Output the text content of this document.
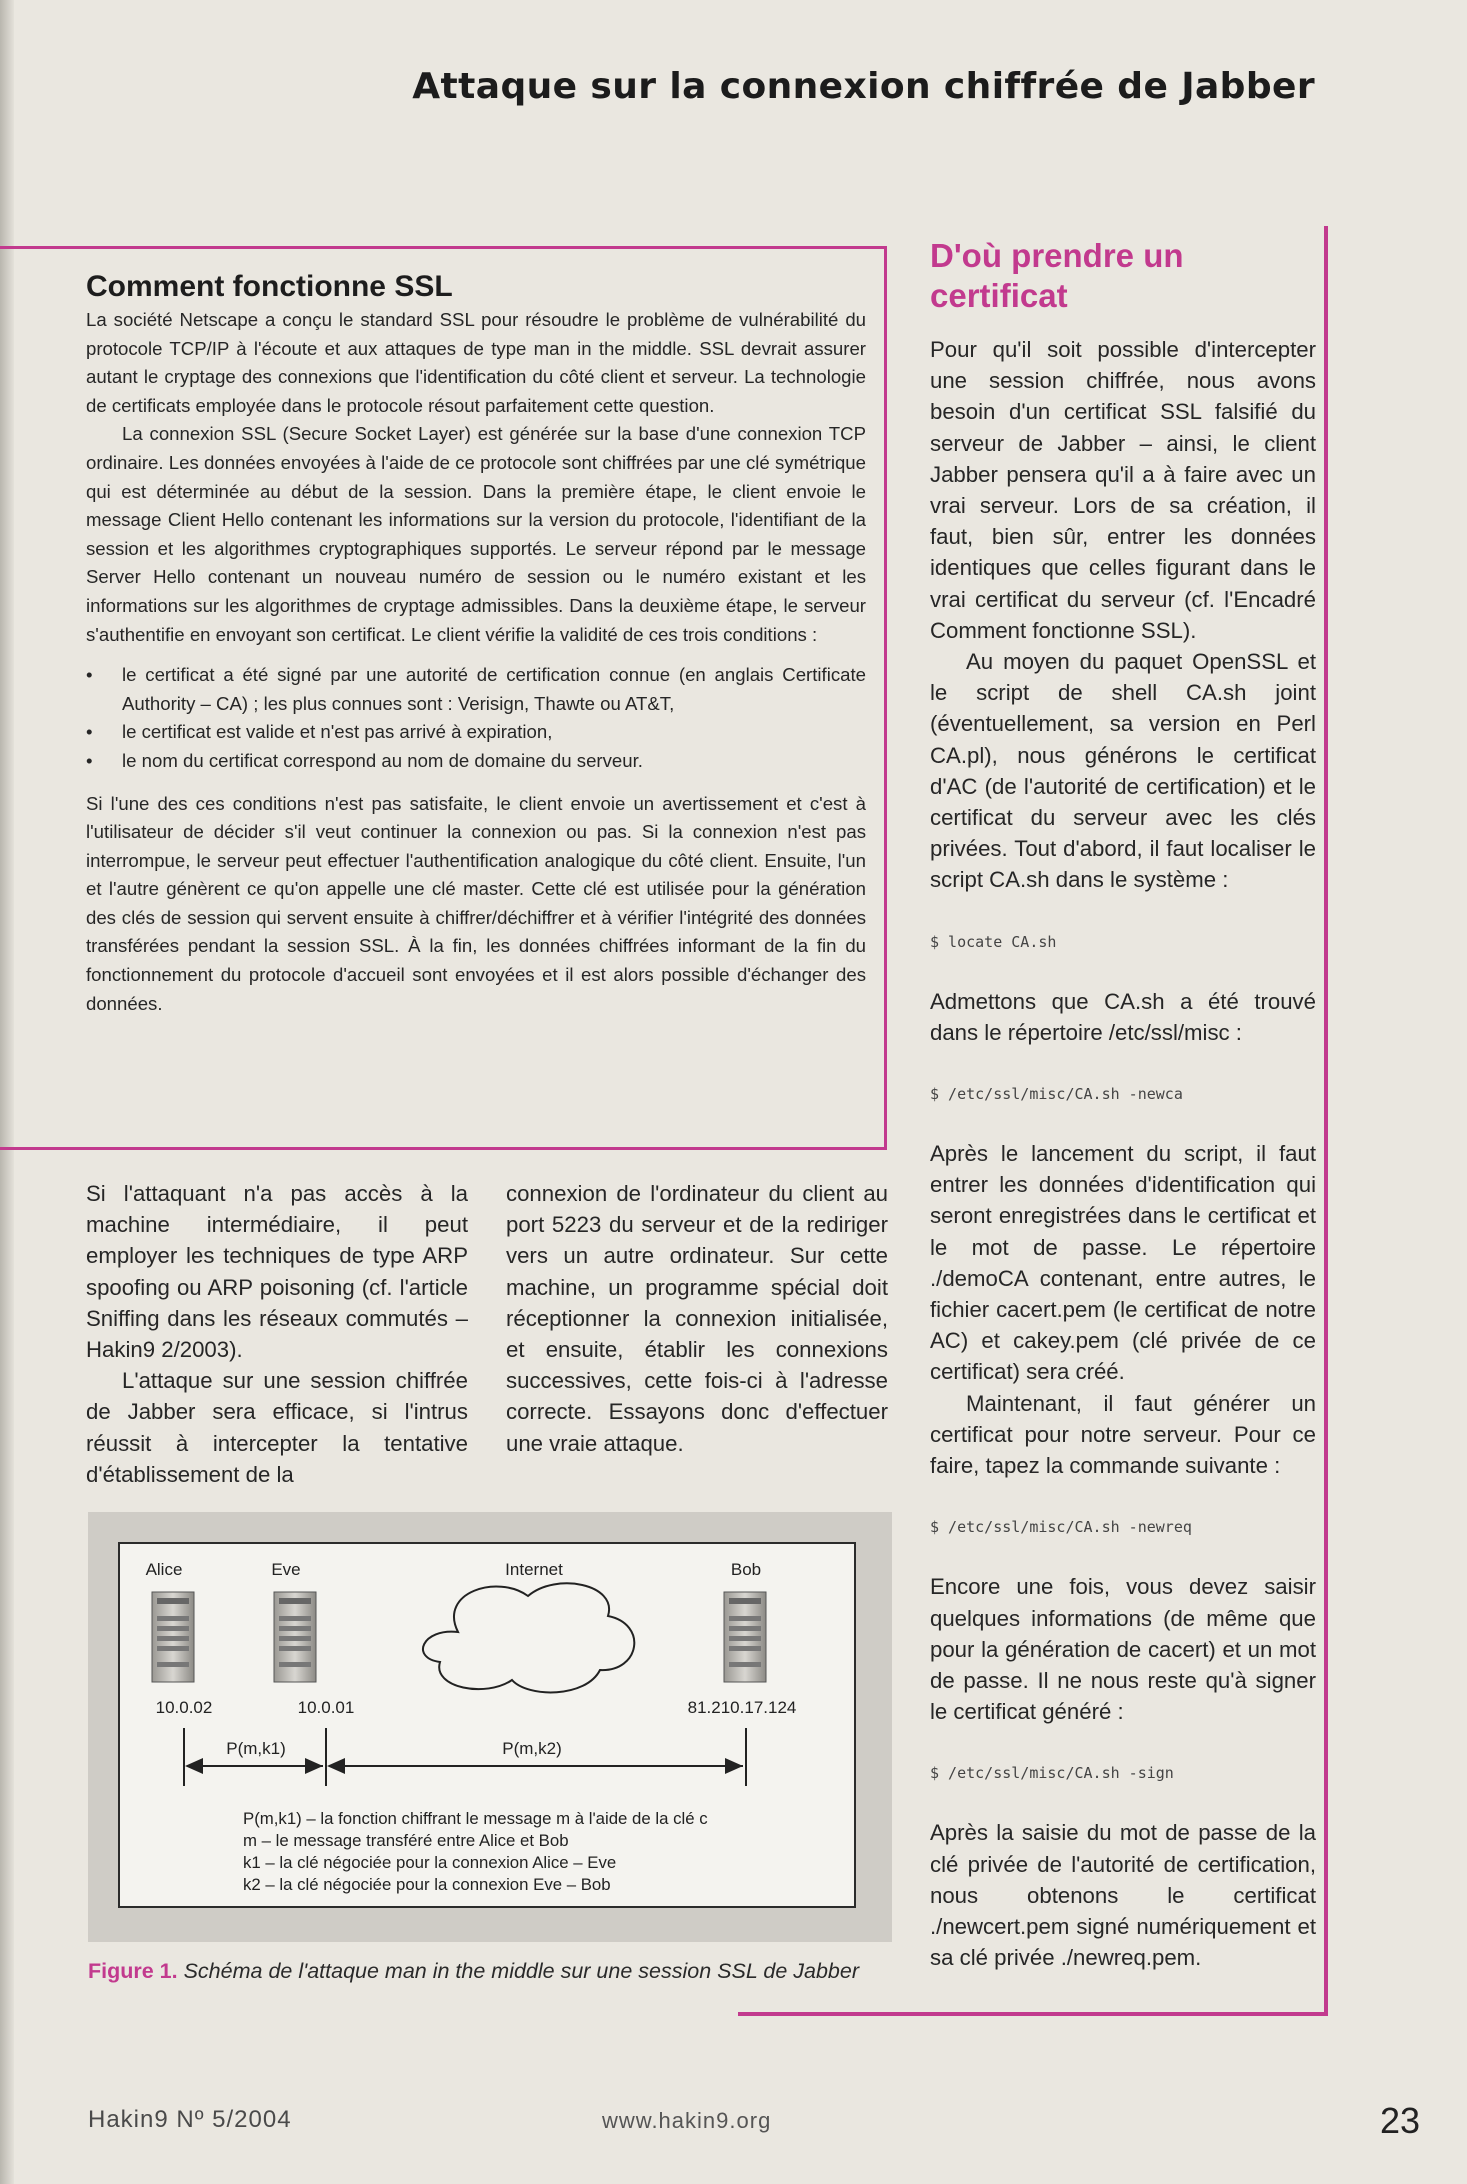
Attaque sur la connexion chiffrée de Jabber
Comment fonctionne SSL

La société Netscape a conçu le standard SSL pour résoudre le problème de vulnérabilité du protocole TCP/IP à l'écoute et aux attaques de type man in the middle. SSL devrait assurer autant le cryptage des connexions que l'identification du côté client et serveur. La technologie de certificats employée dans le protocole résout parfaitement cette question.

La connexion SSL (Secure Socket Layer) est générée sur la base d'une connexion TCP ordinaire. Les données envoyées à l'aide de ce protocole sont chiffrées par une clé symétrique qui est déterminée au début de la session. Dans la première étape, le client envoie le message Client Hello contenant les informations sur la version du protocole, l'identifiant de la session et les algorithmes cryptographiques supportés. Le serveur répond par le message Server Hello contenant un nouveau numéro de session ou le numéro existant et les informations sur les algorithmes de cryptage admissibles. Dans la deuxième étape, le serveur s'authentifie en envoyant son certificat. Le client vérifie la validité de ces trois conditions :

• le certificat a été signé par une autorité de certification connue (en anglais Certificate Authority – CA) ; les plus connues sont : Verisign, Thawte ou AT&T,
• le certificat est valide et n'est pas arrivé à expiration,
• le nom du certificat correspond au nom de domaine du serveur.

Si l'une des ces conditions n'est pas satisfaite, le client envoie un avertissement et c'est à l'utilisateur de décider s'il veut continuer la connexion ou pas. Si la connexion n'est pas interrompue, le serveur peut effectuer l'authentification analogique du côté client. Ensuite, l'un et l'autre génèrent ce qu'on appelle une clé master. Cette clé est utilisée pour la génération des clés de session qui servent ensuite à chiffrer/déchiffrer et à vérifier l'intégrité des données transférées pendant la session SSL. À la fin, les données chiffrées informant de la fin du fonctionnement du protocole d'accueil sont envoyées et il est alors possible d'échanger des données.

D'où prendre un certificat

Pour qu'il soit possible d'intercepter une session chiffrée, nous avons besoin d'un certificat SSL falsifié du serveur de Jabber – ainsi, le client Jabber pensera qu'il a à faire avec un vrai serveur. Lors de sa création, il faut, bien sûr, entrer les données identiques que celles figurant dans le vrai certificat du serveur (cf. l'Encadré Comment fonctionne SSL).

Au moyen du paquet OpenSSL et le script de shell CA.sh joint (éventuellement, sa version en Perl CA.pl), nous générons le certificat d'AC (de l'autorité de certification) et le certificat du serveur avec les clés privées. Tout d'abord, il faut localiser le script CA.sh dans le système :

$ locate CA.sh

Admettons que CA.sh a été trouvé dans le répertoire /etc/ssl/misc :

$ /etc/ssl/misc/CA.sh -newca

Après le lancement du script, il faut entrer les données d'identification qui seront enregistrées dans le certificat et le mot de passe. Le répertoire ./demoCA contenant, entre autres, le fichier cacert.pem (le certificat de notre AC) et cakey.pem (clé privée de ce certificat) sera créé.

Maintenant, il faut générer un certificat pour notre serveur. Pour ce faire, tapez la commande suivante :

$ /etc/ssl/misc/CA.sh -newreq

Encore une fois, vous devez saisir quelques informations (de même que pour la génération de cacert) et un mot de passe. Il ne nous reste qu'à signer le certificat généré :

$ /etc/ssl/misc/CA.sh -sign

Après la saisie du mot de passe de la clé privée de l'autorité de certification, nous obtenons le certificat ./newcert.pem signé numériquement et sa clé privée ./newreq.pem.

Si l'attaquant n'a pas accès à la machine intermédiaire, il peut employer les techniques de type ARP spoofing ou ARP poisoning (cf. l'article Sniffing dans les réseaux commutés – Hakin9 2/2003).

L'attaque sur une session chiffrée de Jabber sera efficace, si l'intrus réussit à intercepter la tentative d'établissement de la

connexion de l'ordinateur du client au port 5223 du serveur et de la rediriger vers un autre ordinateur. Sur cette machine, un programme spécial doit réceptionner la connexion initialisée, et ensuite, établir les connexions successives, cette fois-ci à l'adresse correcte. Essayons donc d'effectuer une vraie attaque.

Alice	Eve	Internet	Bob
10.0.02	10.0.01	81.210.17.124
P(m,k1)	P(m,k2)
P(m,k1) – la fonction chiffrant le message m à l'aide de la clé c
m – le message transféré entre Alice et Bob
k1 – la clé négociée pour la connexion Alice – Eve
k2 – la clé négociée pour la connexion Eve – Bob

Figure 1. Schéma de l'attaque man in the middle sur une session SSL de Jabber

Hakin9 Nº 5/2004	www.hakin9.org	23
